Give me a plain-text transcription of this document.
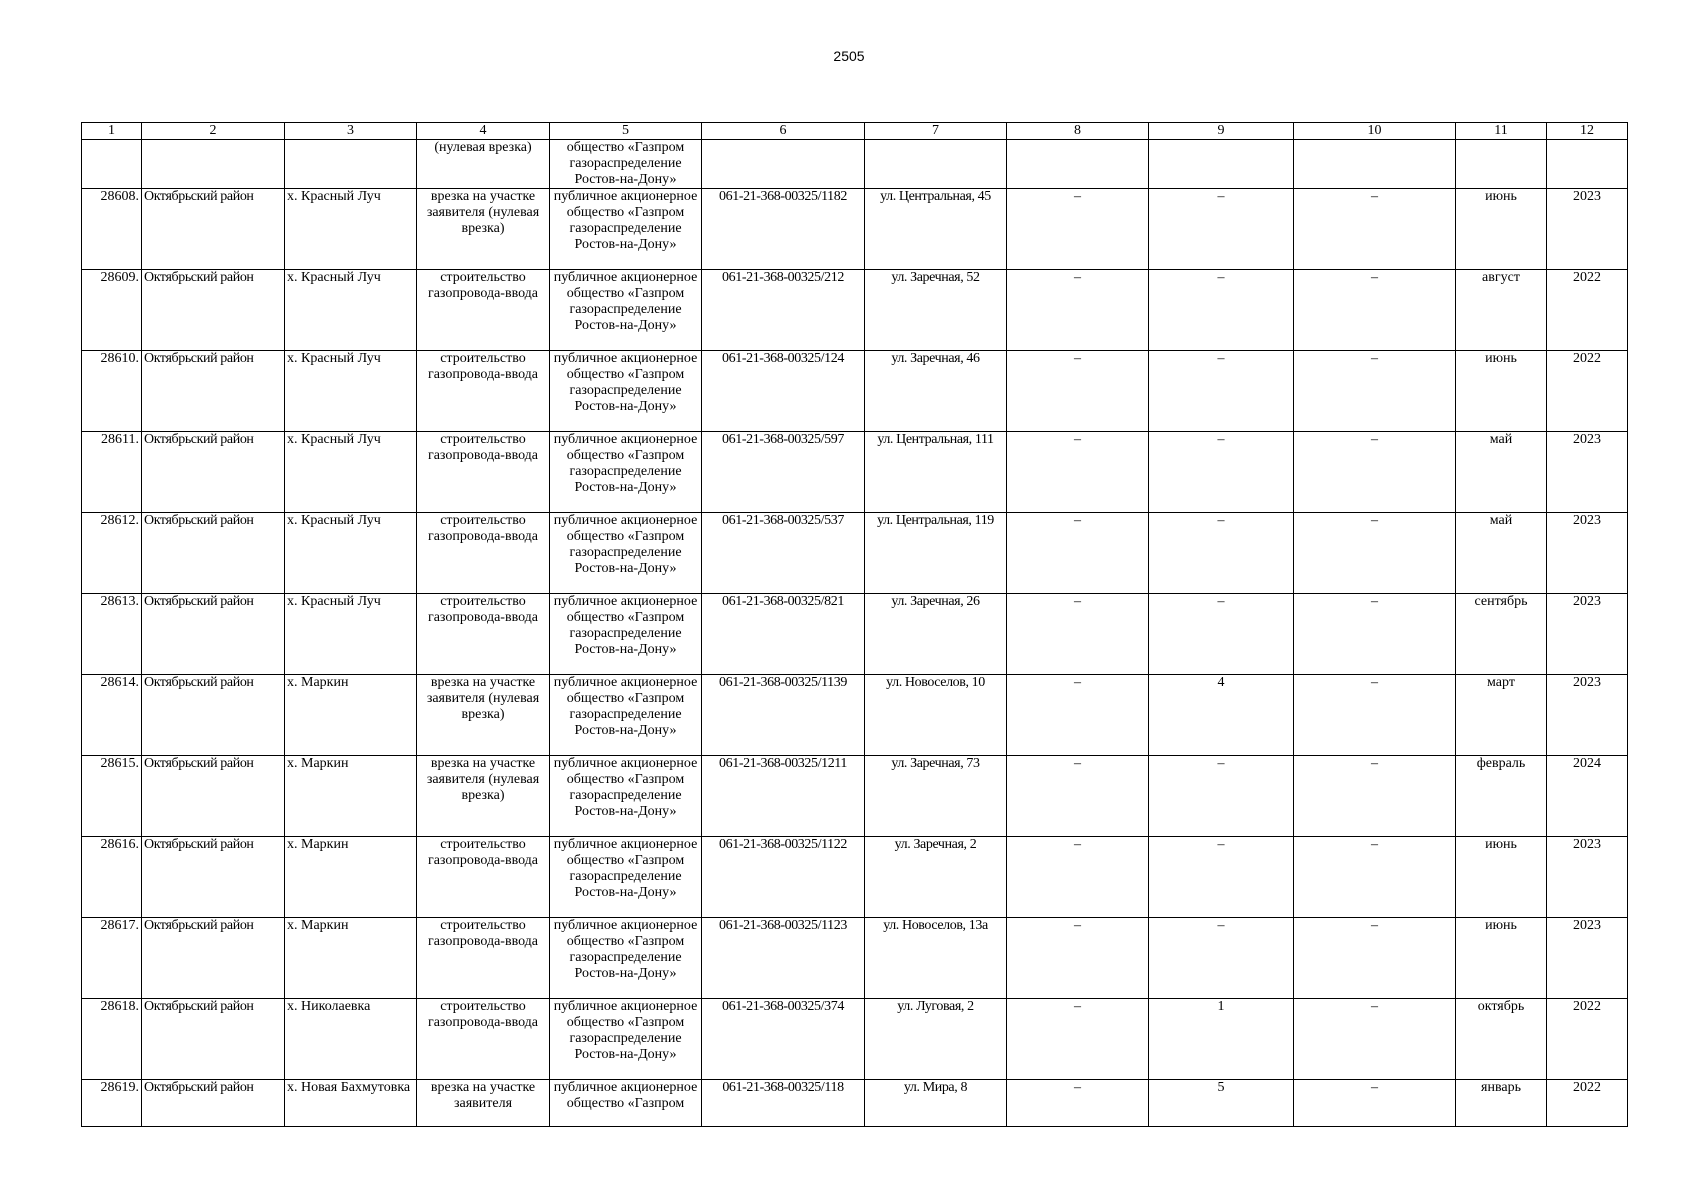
2505
1	2	3	4	5	6	7	8	9	10	11	12
			(нулевая врезка)	общество «Газпром газораспределение Ростов-на-Дону»							
28608.	Октябрьский район	х. Красный Луч	врезка на участке заявителя (нулевая врезка)	публичное акционерное общество «Газпром газораспределение Ростов-на-Дону»	061-21-368-00325/1182	ул. Центральная, 45	–	–	–	июнь	2023
28609.	Октябрьский район	х. Красный Луч	строительство газопровода-ввода	публичное акционерное общество «Газпром газораспределение Ростов-на-Дону»	061-21-368-00325/212	ул. Заречная, 52	–	–	–	август	2022
28610.	Октябрьский район	х. Красный Луч	строительство газопровода-ввода	публичное акционерное общество «Газпром газораспределение Ростов-на-Дону»	061-21-368-00325/124	ул. Заречная, 46	–	–	–	июнь	2022
28611.	Октябрьский район	х. Красный Луч	строительство газопровода-ввода	публичное акционерное общество «Газпром газораспределение Ростов-на-Дону»	061-21-368-00325/597	ул. Центральная, 111	–	–	–	май	2023
28612.	Октябрьский район	х. Красный Луч	строительство газопровода-ввода	публичное акционерное общество «Газпром газораспределение Ростов-на-Дону»	061-21-368-00325/537	ул. Центральная, 119	–	–	–	май	2023
28613.	Октябрьский район	х. Красный Луч	строительство газопровода-ввода	публичное акционерное общество «Газпром газораспределение Ростов-на-Дону»	061-21-368-00325/821	ул. Заречная, 26	–	–	–	сентябрь	2023
28614.	Октябрьский район	х. Маркин	врезка на участке заявителя (нулевая врезка)	публичное акционерное общество «Газпром газораспределение Ростов-на-Дону»	061-21-368-00325/1139	ул. Новоселов, 10	–	4	–	март	2023
28615.	Октябрьский район	х. Маркин	врезка на участке заявителя (нулевая врезка)	публичное акционерное общество «Газпром газораспределение Ростов-на-Дону»	061-21-368-00325/1211	ул. Заречная, 73	–	–	–	февраль	2024
28616.	Октябрьский район	х. Маркин	строительство газопровода-ввода	публичное акционерное общество «Газпром газораспределение Ростов-на-Дону»	061-21-368-00325/1122	ул. Заречная, 2	–	–	–	июнь	2023
28617.	Октябрьский район	х. Маркин	строительство газопровода-ввода	публичное акционерное общество «Газпром газораспределение Ростов-на-Дону»	061-21-368-00325/1123	ул. Новоселов, 13а	–	–	–	июнь	2023
28618.	Октябрьский район	х. Николаевка	строительство газопровода-ввода	публичное акционерное общество «Газпром газораспределение Ростов-на-Дону»	061-21-368-00325/374	ул. Луговая, 2	–	1	–	октябрь	2022
28619.	Октябрьский район	х. Новая Бахмутовка	врезка на участке заявителя	публичное акционерное общество «Газпром	061-21-368-00325/118	ул. Мира, 8	–	5	–	январь	2022
